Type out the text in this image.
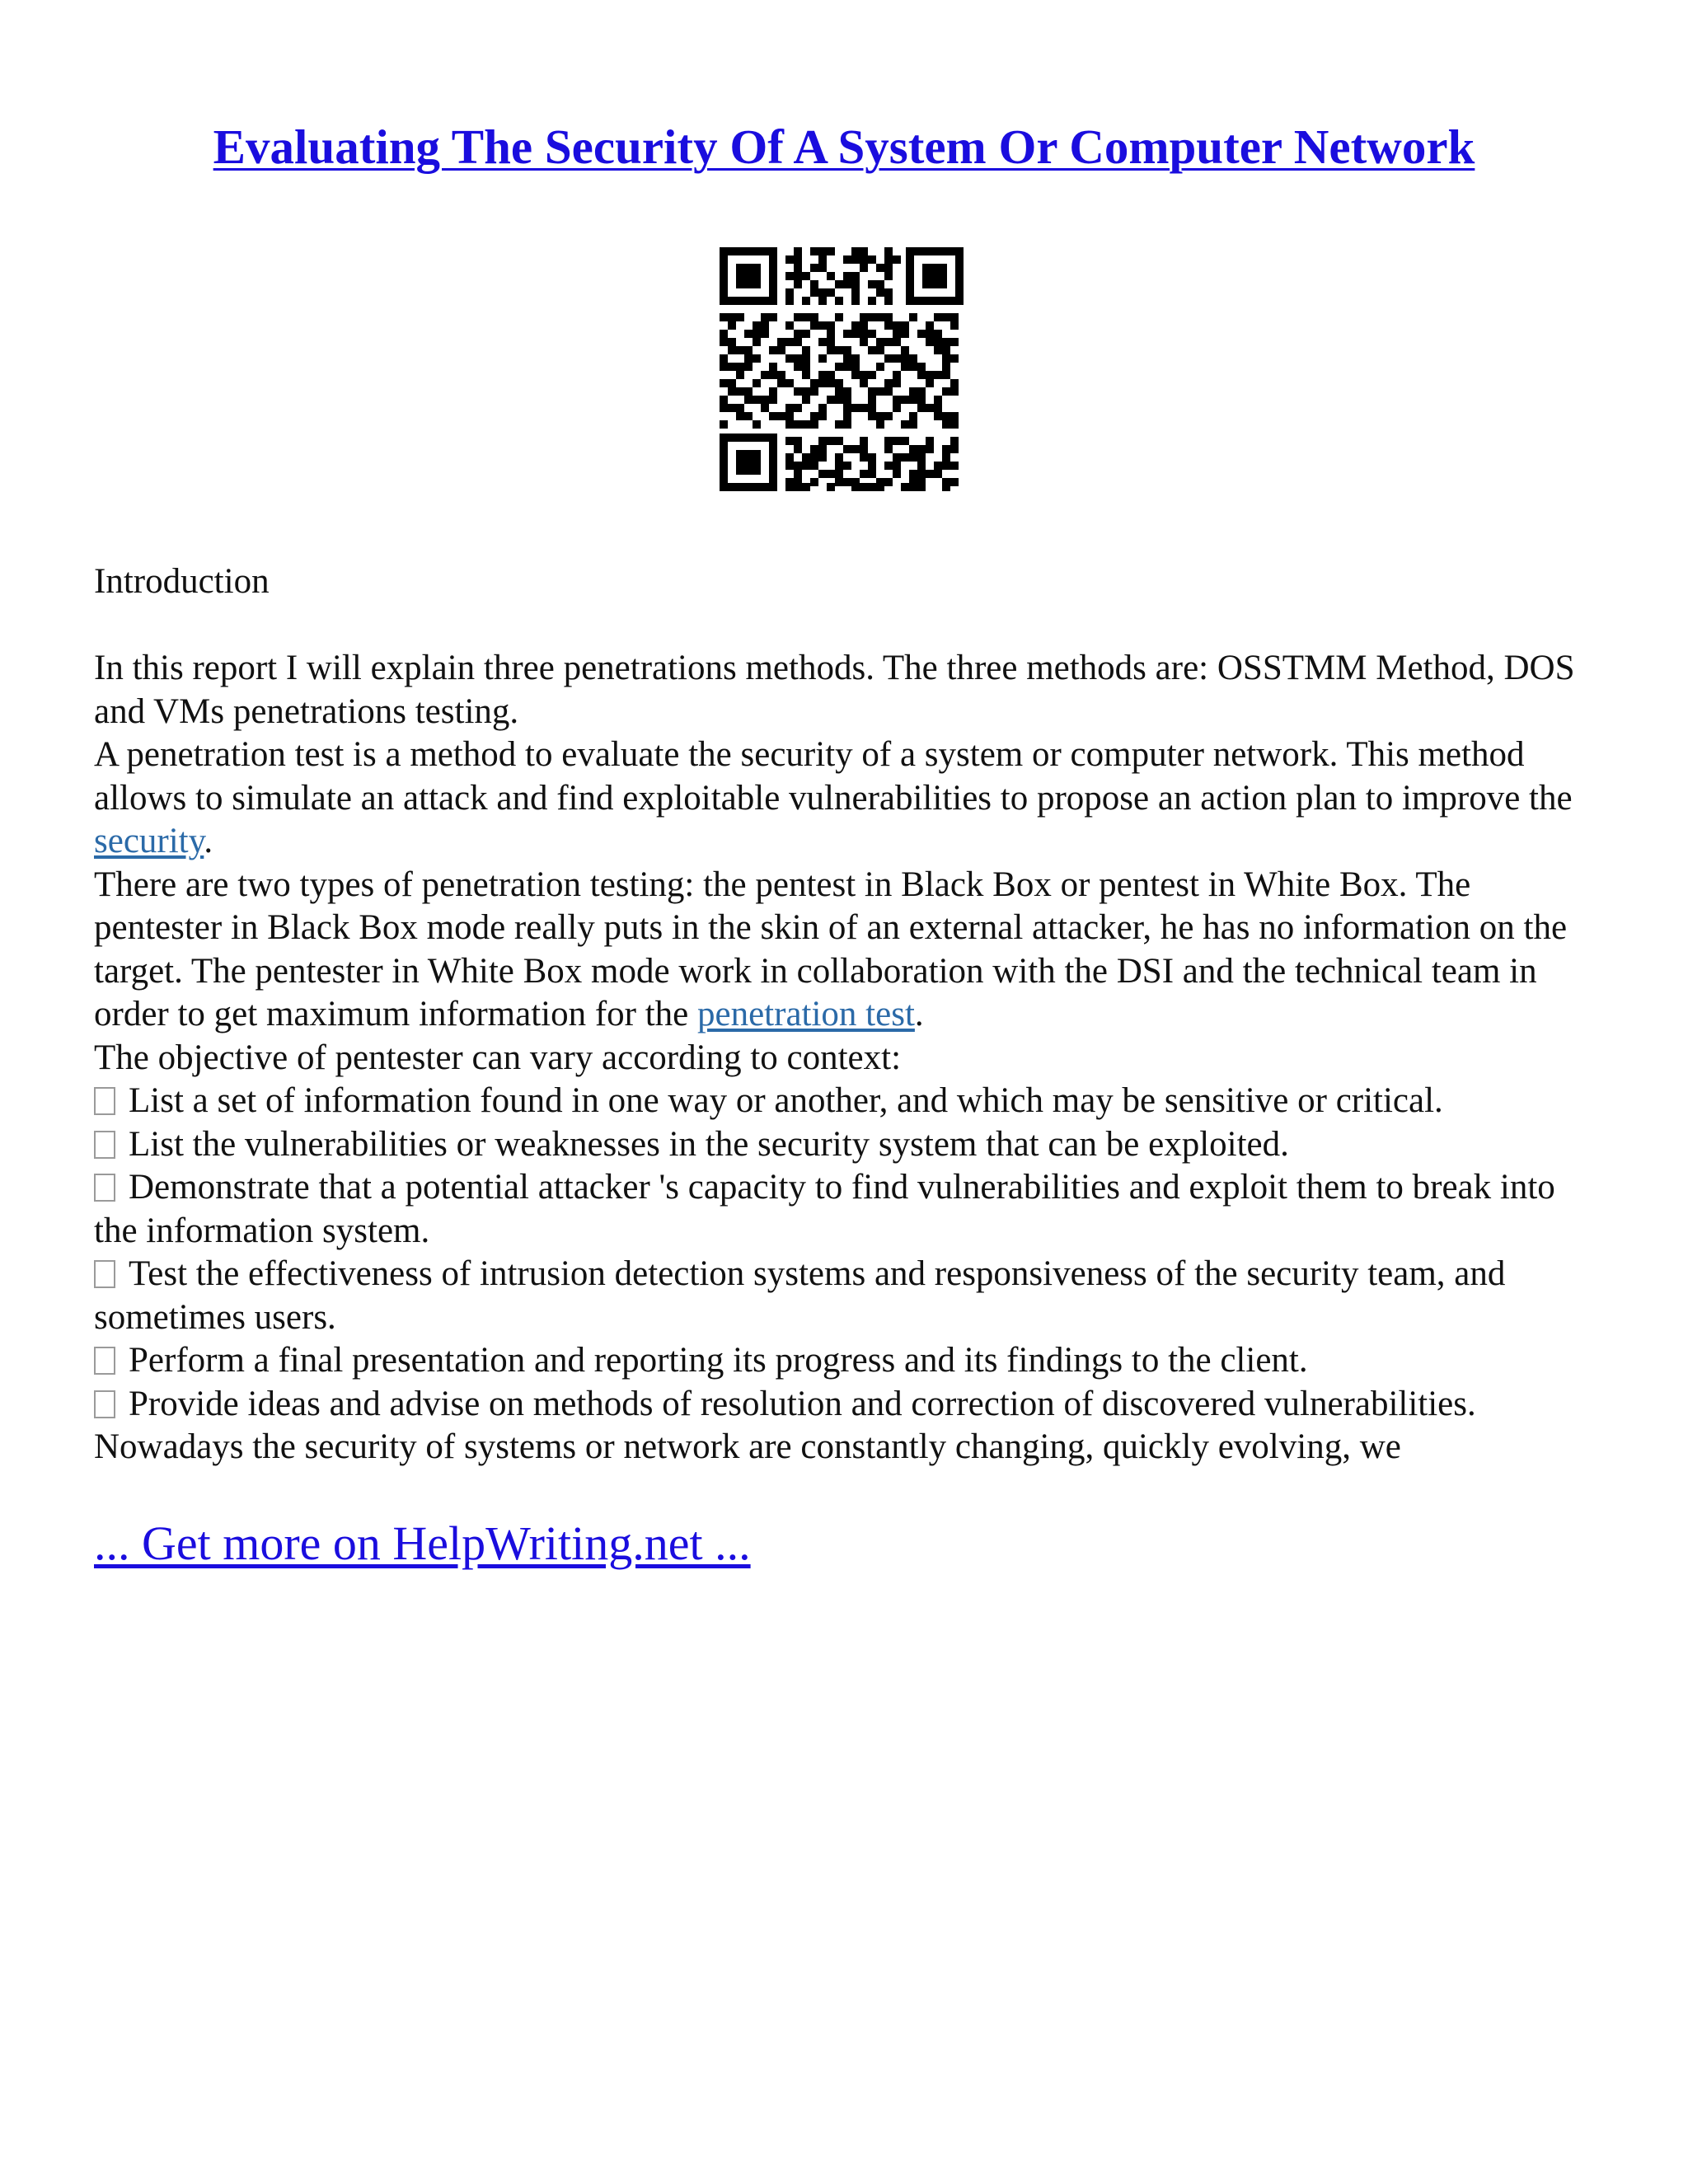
Evaluating The Security Of A System Or Computer Network

Introduction

In this report I will explain three penetrations methods. The three methods are: OSSTMM Method, DOS and VMs penetrations testing.

A penetration test is a method to evaluate the security of a system or computer network. This method allows to simulate an attack and find exploitable vulnerabilities to propose an action plan to improve the security.

There are two types of penetration testing: the pentest in Black Box or pentest in White Box. The pentester in Black Box mode really puts in the skin of an external attacker, he has no information on the target. The pentester in White Box mode work in collaboration with the DSI and the technical team in order to get maximum information for the penetration test.

The objective of pentester can vary according to context:

List a set of information found in one way or another, and which may be sensitive or critical.

List the vulnerabilities or weaknesses in the security system that can be exploited.

Demonstrate that a potential attacker 's capacity to find vulnerabilities and exploit them to break into the information system.

Test the effectiveness of intrusion detection systems and responsiveness of the security team, and sometimes users.

Perform a final presentation and reporting its progress and its findings to the client.

Provide ideas and advise on methods of resolution and correction of discovered vulnerabilities.

Nowadays the security of systems or network are constantly changing, quickly evolving, we

... Get more on HelpWriting.net ...
